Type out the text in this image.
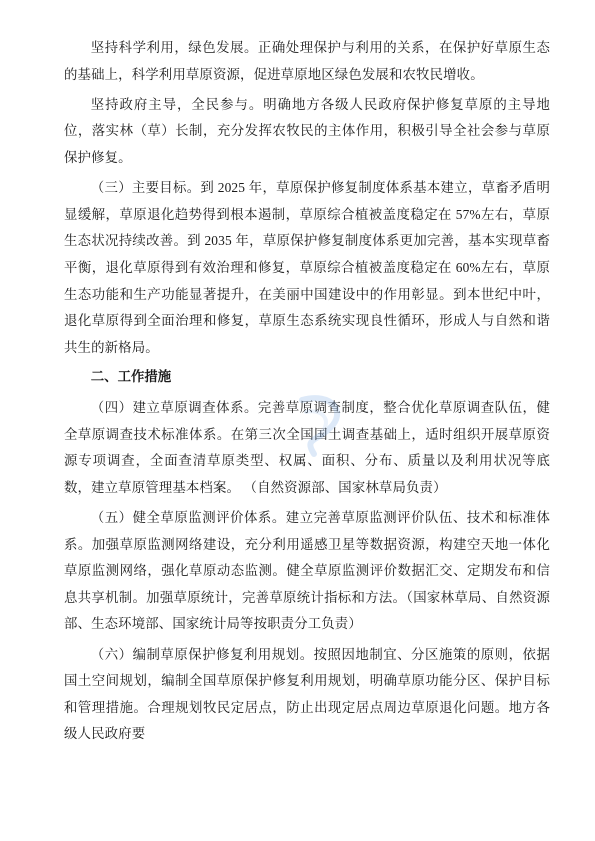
坚持科学利用，绿色发展。正确处理保护与利用的关系，在保护好草原生态的基础上，科学利用草原资源，促进草原地区绿色发展和农牧民增收。

坚持政府主导，全民参与。明确地方各级人民政府保护修复草原的主导地位，落实林（草）长制，充分发挥农牧民的主体作用，积极引导全社会参与草原保护修复。

（三）主要目标。到 2025 年，草原保护修复制度体系基本建立，草畜矛盾明显缓解，草原退化趋势得到根本遏制，草原综合植被盖度稳定在 57%左右，草原生态状况持续改善。到 2035 年，草原保护修复制度体系更加完善，基本实现草畜平衡，退化草原得到有效治理和修复，草原综合植被盖度稳定在 60%左右，草原生态功能和生产功能显著提升，在美丽中国建设中的作用彰显。到本世纪中叶，退化草原得到全面治理和修复，草原生态系统实现良性循环，形成人与自然和谐共生的新格局。

二、工作措施

（四）建立草原调查体系。完善草原调查制度，整合优化草原调查队伍，健全草原调查技术标准体系。在第三次全国国土调查基础上，适时组织开展草原资源专项调查，全面查清草原类型、权属、面积、分布、质量以及利用状况等底数，建立草原管理基本档案。 （自然资源部、国家林草局负责）

（五）健全草原监测评价体系。建立完善草原监测评价队伍、技术和标准体系。加强草原监测网络建设，充分利用遥感卫星等数据资源，构建空天地一体化草原监测网络，强化草原动态监测。健全草原监测评价数据汇交、定期发布和信息共享机制。加强草原统计，完善草原统计指标和方法。（国家林草局、自然资源部、生态环境部、国家统计局等按职责分工负责）

（六）编制草原保护修复利用规划。按照因地制宜、分区施策的原则，依据国土空间规划，编制全国草原保护修复利用规划，明确草原功能分区、保护目标和管理措施。合理规划牧民定居点，防止出现定居点周边草原退化问题。地方各级人民政府要
